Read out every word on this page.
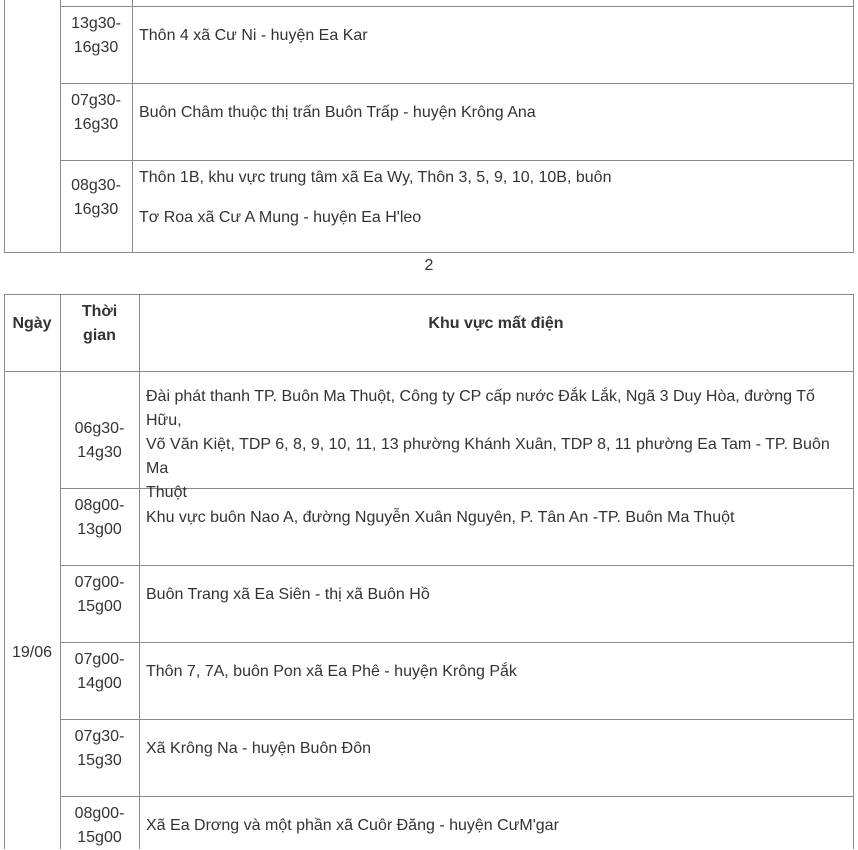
13g30-
16g30
Thôn 4 xã Cư Ni - huyện Ea Kar
07g30-
16g30
Buôn Châm thuộc thị trấn Buôn Trấp - huyện Krông Ana
08g30-
16g30
Thôn 1B, khu vực trung tâm xã Ea Wy, Thôn 3, 5, 9, 10, 10B, buôn
Tơ Roa xã Cư A Mung - huyện Ea H'leo
2
Ngày
Thời
gian
Khu vực mất điện
19/06
06g30-
14g30
Đài phát thanh TP. Buôn Ma Thuột, Công ty CP cấp nước Đắk Lắk, Ngã 3 Duy Hòa, đường Tố Hữu,
Võ Văn Kiệt, TDP 6, 8, 9, 10, 11, 13 phường Khánh Xuân, TDP 8, 11 phường Ea Tam - TP. Buôn Ma
Thuột
08g00-
13g00
Khu vực buôn Nao A, đường Nguyễn Xuân Nguyên, P. Tân An -TP. Buôn Ma Thuột
07g00-
15g00
Buôn Trang xã Ea Siên - thị xã Buôn Hồ
07g00-
14g00
Thôn 7, 7A, buôn Pon xã Ea Phê - huyện Krông Pắk
07g30-
15g30
Xã Krông Na - huyện Buôn Đôn
08g00-
15g00
Xã Ea Drơng và một phần xã Cuôr Đăng - huyện CưM'gar
